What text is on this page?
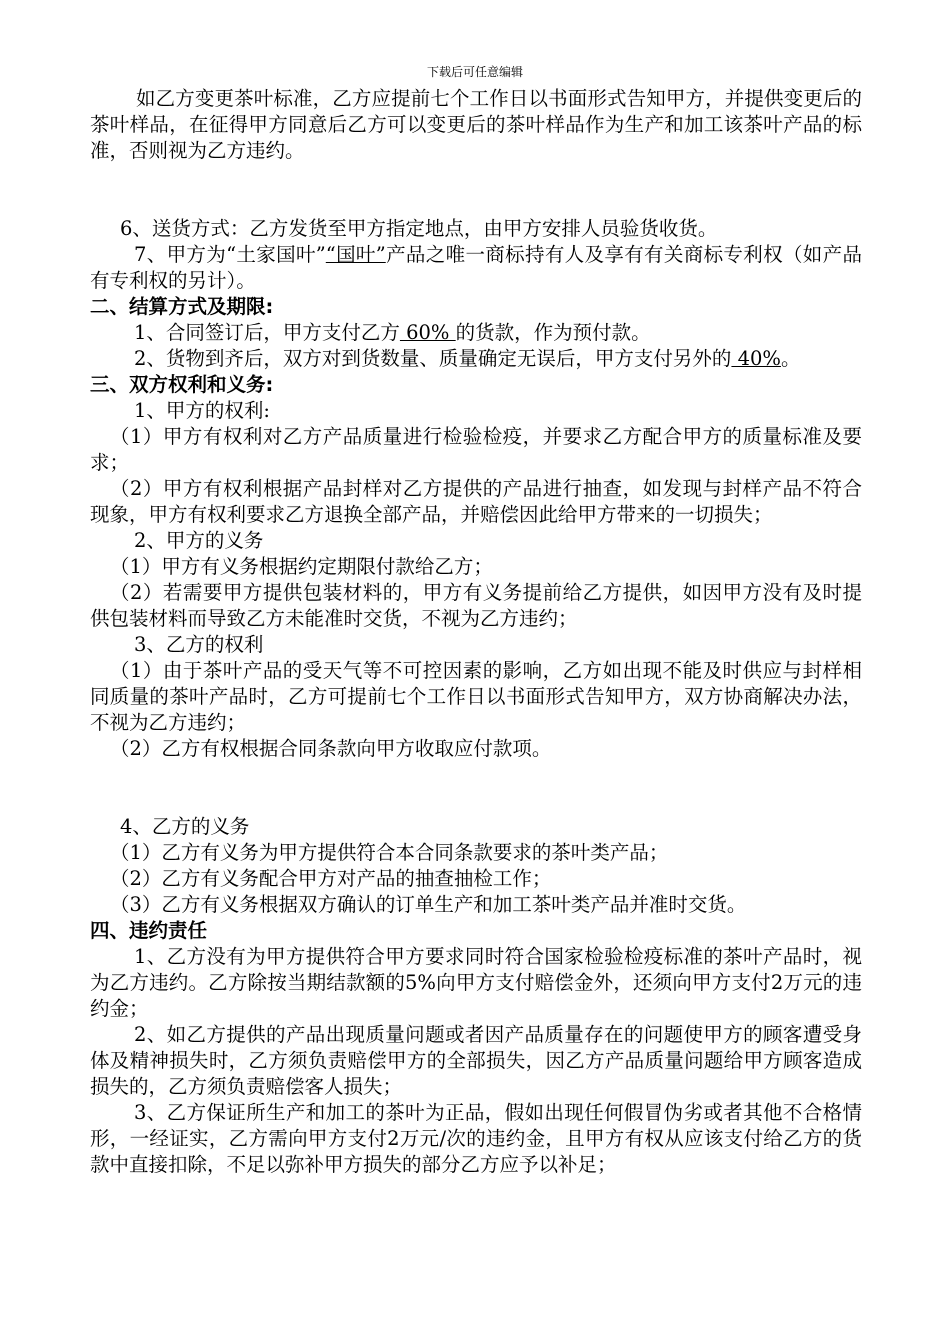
下载后可任意编辑

如乙方变更茶叶标准，乙方应提前七个工作日以书面形式告知甲方，并提供变更后的茶叶样品，在征得甲方同意后乙方可以变更后的茶叶样品作为生产和加工该茶叶产品的标准，否则视为乙方违约。

6、送货方式：乙方发货至甲方指定地点，由甲方安排人员验货收货。

7、甲方为“土家国叶”“国叶”产品之唯一商标持有人及享有有关商标专利权（如产品有专利权的另计）。

二、结算方式及期限:

1、合同签订后，甲方支付乙方 60% 的货款，作为预付款。

2、货物到齐后，双方对到货数量、质量确定无误后，甲方支付另外的 40%。

三、双方权利和义务:

1、甲方的权利:

（1）甲方有权利对乙方产品质量进行检验检疫，并要求乙方配合甲方的质量标准及要求；

（2）甲方有权利根据产品封样对乙方提供的产品进行抽查，如发现与封样产品不符合现象，甲方有权利要求乙方退换全部产品，并赔偿因此给甲方带来的一切损失；

2、甲方的义务

（1）甲方有义务根据约定期限付款给乙方；

（2）若需要甲方提供包装材料的，甲方有义务提前给乙方提供，如因甲方没有及时提供包装材料而导致乙方未能准时交货，不视为乙方违约；

3、乙方的权利

（1）由于茶叶产品的受天气等不可控因素的影响，乙方如出现不能及时供应与封样相同质量的茶叶产品时，乙方可提前七个工作日以书面形式告知甲方，双方协商解决办法，不视为乙方违约；

（2）乙方有权根据合同条款向甲方收取应付款项。

4、乙方的义务

（1）乙方有义务为甲方提供符合本合同条款要求的茶叶类产品；

（2）乙方有义务配合甲方对产品的抽查抽检工作；

（3）乙方有义务根据双方确认的订单生产和加工茶叶类产品并准时交货。

四、违约责任

1、乙方没有为甲方提供符合甲方要求同时符合国家检验检疫标准的茶叶产品时，视为乙方违约。乙方除按当期结款额的5%向甲方支付赔偿金外，还须向甲方支付2万元的违约金；

2、如乙方提供的产品出现质量问题或者因产品质量存在的问题使甲方的顾客遭受身体及精神损失时，乙方须负责赔偿甲方的全部损失，因乙方产品质量问题给甲方顾客造成损失的，乙方须负责赔偿客人损失；

3、乙方保证所生产和加工的茶叶为正品，假如出现任何假冒伪劣或者其他不合格情形，一经证实，乙方需向甲方支付2万元/次的违约金，且甲方有权从应该支付给乙方的货款中直接扣除，不足以弥补甲方损失的部分乙方应予以补足；
